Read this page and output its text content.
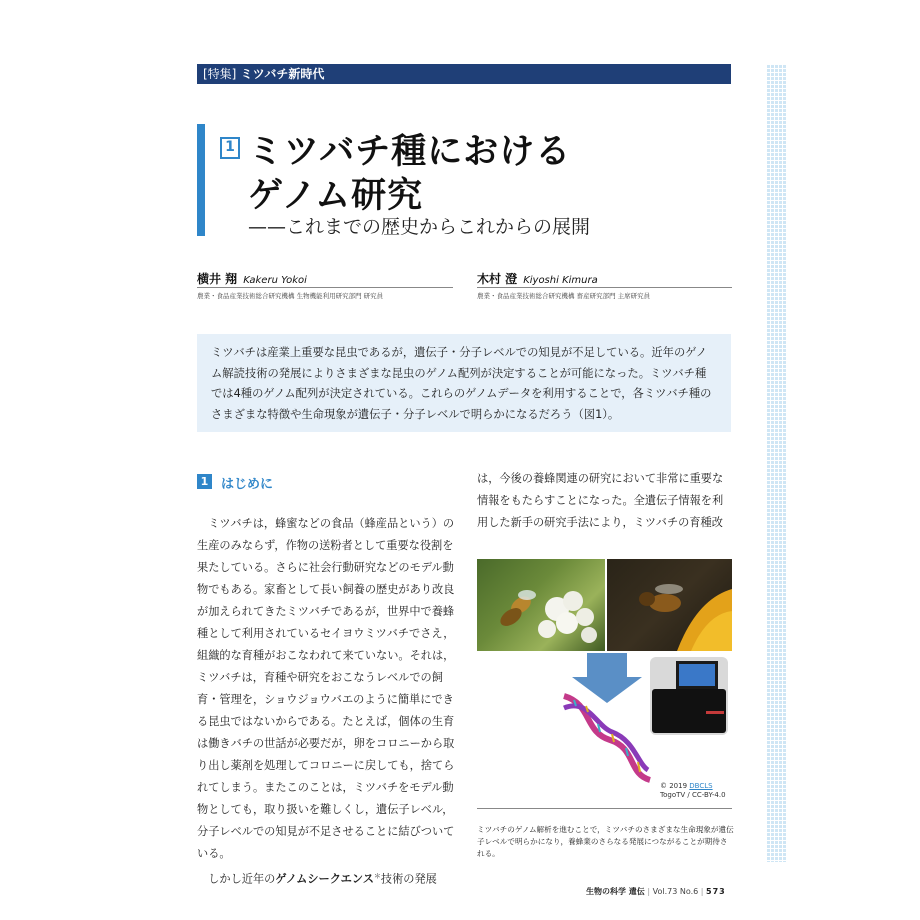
[特集] ミツバチ新時代
1 ミツバチ種における
ゲノム研究
——これまでの歴史からこれからの展開
横井 翔 Kakeru Yokoi
農業・食品産業技術総合研究機構 生物機能利用研究部門 研究員
木村 澄 Kiyoshi Kimura
農業・食品産業技術総合研究機構 畜産研究部門 主席研究員
ミツバチは産業上重要な昆虫であるが，遺伝子・分子レベルでの知見が不足している。近年のゲノム解読技術の発展によりさまざまな昆虫のゲノム配列が決定することが可能になった。ミツバチ種では4種のゲノム配列が決定されている。これらのゲノムデータを利用することで，各ミツバチ種のさまざまな特徴や生命現象が遺伝子・分子レベルで明らかになるだろう（図1）。
1 はじめに

ミツバチは，蜂蜜などの食品（蜂産品という）の生産のみならず，作物の送粉者として重要な役割を果たしている。さらに社会行動研究などのモデル動物でもある。家畜として長い飼養の歴史があり改良が加えられてきたミツバチであるが，世界中で養蜂種として利用されているセイヨウミツバチでさえ，組織的な育種がおこなわれて来ていない。それは，ミツバチは，育種や研究をおこなうレベルでの飼育・管理を，ショウジョウバエのように簡単にできる昆虫ではないからである。たとえば，個体の生育は働きバチの世話が必要だが，卵をコロニーから取り出し薬剤を処理してコロニーに戻しても，捨てられてしまう。またこのことは，ミツバチをモデル動物としても，取り扱いを難しくし，遺伝子レベル，分子レベルでの知見が不足させることに結びついている。

しかし近年のゲノムシークエンス＊技術の発展

は，今後の養蜂関連の研究において非常に重要な情報をもたらすことになった。全遺伝子情報を利用した新手の研究手法により，ミツバチの育種改
© 2019 DBCLS
TogoTV / CC-BY-4.0
ミツバチのゲノム解析を進むことで，ミツバチのさまざまな生命現象が遺伝子レベルで明らかになり，養蜂業のさらなる発展につながることが期待される。
生物の科学 遺伝 | Vol.73 No.6 | 573
